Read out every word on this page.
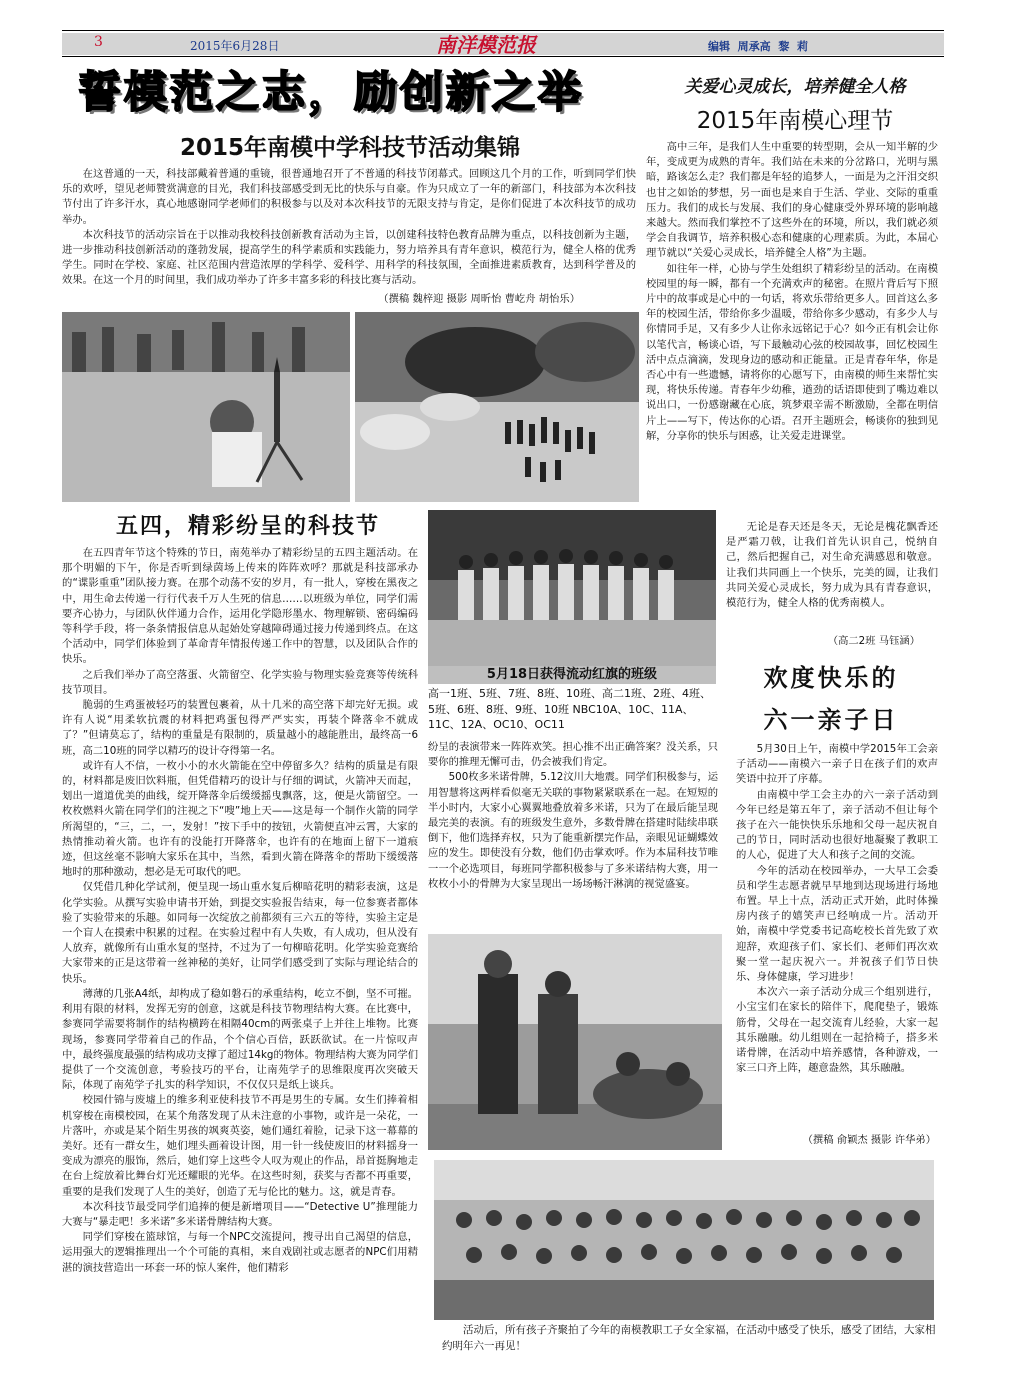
3	2015年6月28日	南洋模范报	编辑  周承高  黎  莉
誓模范之志，励创新之举
2015年南模中学科技节活动集锦

在这普通的一天，科技部戴着普通的重镜，很普通地召开了不普通的科技节闭幕式。回顾这几个月的工作，听到同学们快乐的欢呼，望见老师赞赏满意的目光，我们科技部感受到无比的快乐与自豪。作为只成立了一年的新部门，科技部为本次科技节付出了许多汗水，真心地感谢同学老师们的积极参与以及对本次科技节的无限支持与肯定，是你们促进了本次科技节的成功举办。

本次科技节的活动宗旨在于以推动我校科技创新教育活动为主旨，以创建科技特色教育品牌为重点，以科技创新为主题，进一步推动科技创新活动的蓬勃发展，提高学生的科学素质和实践能力，努力培养具有青年意识，模范行为，健全人格的优秀学生。同时在学校、家庭、社区范围内营造浓厚的学科学、爱科学、用科学的科技氛围，全面推进素质教育，达到科学普及的效果。在这一个月的时间里，我们成功举办了许多丰富多彩的科技比赛与活动。

（撰稿 魏梓迎 摄影 周昕怡 曹屹舟 胡怡乐）

五四，精彩纷呈的科技节

在五四青年节这个特殊的节日，南苑举办了精彩纷呈的五四主题活动。在那个明媚的下午，你是否听到绿茵场上传来的阵阵欢呼？那就是科技部承办的“谍影重重”团队接力赛。在那个动荡不安的岁月，有一批人，穿梭在黑夜之中，用生命去传递一行行代表千万人生死的信息……以班级为单位，同学们需要齐心协力，与团队伙伴通力合作，运用化学隐形墨水、物理解锁、密码编码等科学手段，将一条条情报信息从起始处穿越障碍通过接力传递到终点。在这个活动中，同学们体验到了革命青年情报传递工作中的智慧，以及团队合作的快乐。

之后我们举办了高空落蛋、火箭留空、化学实验与物理实验竞赛等传统科技节项目。

脆弱的生鸡蛋被轻巧的装置包裹着，从十几米的高空落下却完好无损。或许有人说“用柔软抗震的材料把鸡蛋包得严严实实，再装个降落伞不就成了？”但请莫忘了，结构的重量是有限制的，质量越小的越能胜出，最终高一6班，高二10班的同学以精巧的设计夺得第一名。

或许有人不信，一枚小小的水火箭能在空中停留多久？结构的质量是有限的，材料都是废旧饮料瓶，但凭借精巧的设计与仔细的调试，火箭冲天而起，划出一道道优美的曲线，绽开降落伞后缓缓摇曳飘落，这，便是火箭留空。一枚枚燃料火箭在同学们的注视之下“嗖”地上天——这是每一个制作火箭的同学所渴望的，“三，二，一，发射！”按下手中的按钮，火箭便直冲云霄，大家的热情推动着火箭。也许有的没能打开降落伞，也许有的在地面上留下一道痕迹，但这丝毫不影响大家乐在其中，当然，看到火箭在降落伞的帮助下缓缓落地时的那种激动，想必是无可取代的吧。

仅凭借几种化学试剂，便呈现一场山重水复后柳暗花明的精彩表演，这是化学实验。从撰写实验申请书开始，到提交实验报告结束，每一位参赛者都体验了实验带来的乐趣。如同每一次绽放之前都须有三六五的等待，实验主定是一个盲人在摸索中积累的过程。在实验过程中有人失败，有人成功，但从没有人放弃，就像所有山重水复的坚持，不过为了一句柳暗花明。化学实验竞赛给大家带来的正是这带着一丝神秘的美好，让同学们感受到了实际与理论结合的快乐。

薄薄的几张A4纸，却构成了稳如磐石的承重结构，屹立不倒，坚不可摧。利用有限的材料，发挥无穷的创意，这就是科技节物理结构大赛。在比赛中，参赛同学需要将制作的结构横跨在相隔40cm的两张桌子上并往上堆物。比赛现场，参赛同学带着自己的作品，个个信心百倍，跃跃欲试。在一片惊叹声中，最终强度最强的结构成功支撑了超过14kg的物体。物理结构大赛为同学们提供了一个交流创意，考验技巧的平台，让南苑学子的思维限度再次突破天际，体现了南苑学子扎实的科学知识，不仅仅只是纸上谈兵。

校园什锦与废墟上的维多利亚使科技节不再是男生的专属。女生们捧着相机穿梭在南模校园，在某个角落发现了从未注意的小事物，或许是一朵花，一片落叶，亦或是某个陌生男孩的飒爽英姿，她们通红着脸，记录下这一幕幕的美好。还有一群女生，她们埋头画着设计图，用一针一线使废旧的材料摇身一变成为漂亮的服饰，然后，她们穿上这些令人叹为观止的作品，昂首挺胸地走在台上绽放着比舞台灯光还耀眼的光华。在这些时刻，获奖与否都不再重要，重要的是我们发现了人生的美好，创造了无与伦比的魅力。这，就是青春。

本次科技节最受同学们追捧的便是新增项目——“Detective U”推理能力大赛与“暴走吧！多米诺”多米诺骨牌结构大赛。

同学们穿梭在篮球馆，与每一个NPC交流提问，搜寻出自己渴望的信息，运用强大的逻辑推理出一个个可能的真相，来自戏剧社或志愿者的NPC们用精湛的演技营造出一环套一环的惊人案件，他们精彩

5月18日获得流动红旗的班级
高一1班、5班、7班、8班、10班、高二1班、2班、4班、5班、6班、8班、9班、10班 NBC10A、10C、11A、11C、12A、OC10、OC11

纷呈的表演带来一阵阵欢笑。担心推不出正确答案？没关系，只要你的推理无懈可击，仍会被我们肯定。

500枚多米诺骨牌，5.12汶川大地震。同学们积极参与，运用智慧将这两样看似毫无关联的事物紧紧联系在一起。在短短的半小时内，大家小心翼翼地叠放着多米诺，只为了在最后能呈现最完美的表演。有的班级发生意外，多数骨牌在搭建时陆续串联倒下，他们选择弃权，只为了能重新摆完作品，亲眼见证蝴蝶效应的发生。即使没有分数，他们仍击掌欢呼。作为本届科技节唯一一个必选项目，每班同学都积极参与了多米诺结构大赛，用一枚枚小小的骨牌为大家呈现出一场场畅汗淋漓的视觉盛宴。

活动后，所有孩子齐聚拍了今年的南模教职工子女全家福，在活动中感受了快乐，感受了团结，大家相约明年六一再见！
关爱心灵成长，培养健全人格
2015年南模心理节

高中三年，是我们人生中重要的转型期，会从一知半解的少年，变成更为成熟的青年。我们站在未来的分岔路口，光明与黑暗，路该怎么走？我们都是年轻的追梦人，一面是为之汗泪交织也甘之如饴的梦想，另一面也是来自于生活、学业、交际的重重压力。我们的成长与发展、我们的身心健康受外界环境的影响越来越大。然而我们掌控不了这些外在的环境，所以，我们就必须学会自我调节，培养积极心态和健康的心理素质。为此，本届心理节就以“关爱心灵成长，培养健全人格”为主题。

如往年一样，心协与学生处组织了精彩纷呈的活动。在南模校园里的每一瞬，都有一个充满欢声的秘密。在照片背后写下照片中的故事或是心中的一句话，将欢乐带给更多人。回首这么多年的校园生活，带给你多少温暖，带给你多少感动，有多少人与你情同手足，又有多少人让你永远铭记于心？如今正有机会让你以笔代言，畅谈心语，写下最触动心弦的校园故事，回忆校园生活中点点滴滴，发现身边的感动和正能量。正是青春年华，你是否心中有一些遗憾，请将你的心愿写下，由南模的师生来帮忙实现，将快乐传递。青春年少幼稚，遒劲的话语即使到了嘴边难以说出口，一份感谢藏在心底，筑梦艰辛需不断激励，全都在明信片上——写下，传达你的心语。召开主题班会，畅谈你的独到见解，分享你的快乐与困惑，让关爱走进课堂。

无论是春天还是冬天，无论是槐花飘香还是严霜刀戟，让我们首先认识自己，悦纳自己，然后把握自己，对生命充满感恩和敬意。让我们共同画上一个快乐，完美的圆，让我们共同关爱心灵成长，努力成为具有青春意识，模范行为，健全人格的优秀南模人。

（高二2班 马钰涵）

欢度快乐的
六一亲子日

5月30日上午，南模中学2015年工会亲子活动——南模六一亲子日在孩子们的欢声笑语中拉开了序幕。

由南模中学工会主办的六一亲子活动到今年已经是第五年了，亲子活动不但让每个孩子在六一能快快乐乐地和父母一起庆祝自己的节日，同时活动也很好地凝聚了教职工的人心，促进了大人和孩子之间的交流。

今年的活动在校园举办，一大早工会委员和学生志愿者就早早地到达现场进行场地布置。早上十点，活动正式开始，此时体操房内孩子的嬉笑声已经响成一片。活动开始，南模中学党委书记高屹校长首先致了欢迎辞，欢迎孩子们、家长们、老师们再次欢聚一堂一起庆祝六一。并祝孩子们节日快乐、身体健康，学习进步！

本次六一亲子活动分成三个组别进行，小宝宝们在家长的陪伴下，爬爬垫子，锻炼筋骨，父母在一起交流育儿经验，大家一起其乐融融。幼儿组则在一起拾椅子，搭多米诺骨牌，在活动中培养感情，各种游戏，一家三口齐上阵，趣意盎然，其乐融融。

（撰稿 俞颖杰 摄影 许华弟）
